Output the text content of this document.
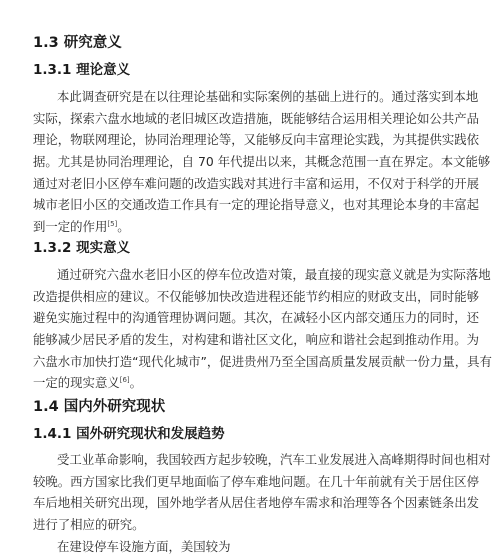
1.3 研究意义
1.3.1 理论意义
本此调查研究是在以往理论基础和实际案例的基础上进行的。通过落实到本地
实际，探索六盘水地域的老旧城区改造措施，既能够结合运用相关理论如公共产品
理论，物联网理论，协同治理理论等，又能够反向丰富理论实践，为其提供实践依
据。尤其是协同治理理论，自 70 年代提出以来，其概念范围一直在界定。本文能够
通过对老旧小区停车难问题的改造实践对其进行丰富和运用，不仅对于科学的开展
城市老旧小区的交通改造工作具有一定的理论指导意义，也对其理论本身的丰富起
到一定的作用[5]。
1.3.2 现实意义
通过研究六盘水老旧小区的停车位改造对策，最直接的现实意义就是为实际落地
改造提供相应的建议。不仅能够加快改造进程还能节约相应的财政支出，同时能够
避免实施过程中的沟通管理协调问题。其次，在减轻小区内部交通压力的同时，还
能够减少居民矛盾的发生，对构建和谐社区文化，响应和谐社会起到推动作用。为
六盘水市加快打造“现代化城市”，促进贵州乃至全国高质量发展贡献一份力量，具有
一定的现实意义[6]。
1.4 国内外研究现状
1.4.1 国外研究现状和发展趋势
受工业革命影响，我国较西方起步较晚，汽车工业发展进入高峰期得时间也相对
较晚。西方国家比我们更早地面临了停车难地问题。在几十年前就有关于居住区停
车后地相关研究出现，国外地学者从居住者地停车需求和治理等各个因素链条出发
进行了相应的研究。
在建设停车设施方面，美国较为
